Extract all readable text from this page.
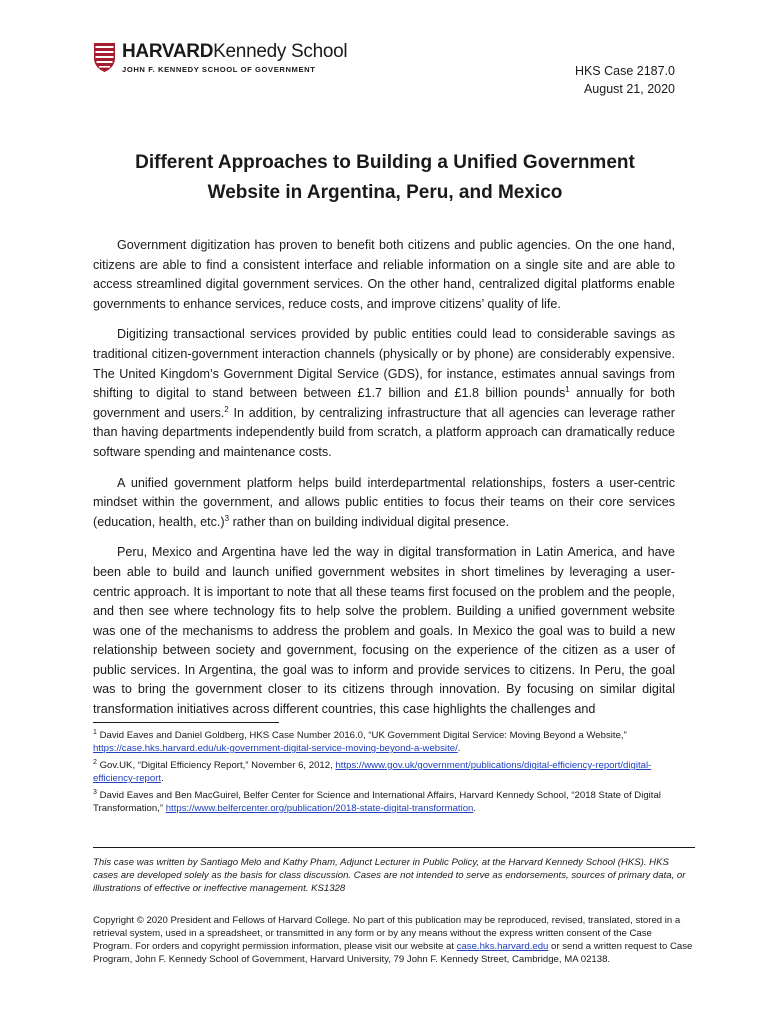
HARVARDKennedy School
JOHN F. KENNEDY SCHOOL OF GOVERNMENT	HKS Case 2187.0
August 21, 2020
Different Approaches to Building a Unified Government
Website in Argentina, Peru, and Mexico

Government digitization has proven to benefit both citizens and public agencies. On the one hand, citizens are able to find a consistent interface and reliable information on a single site and are able to access streamlined digital government services. On the other hand, centralized digital platforms enable governments to enhance services, reduce costs, and improve citizens’ quality of life.

Digitizing transactional services provided by public entities could lead to considerable savings as traditional citizen-government interaction channels (physically or by phone) are considerably expensive. The United Kingdom’s Government Digital Service (GDS), for instance, estimates annual savings from shifting to digital to stand between between £1.7 billion and £1.8 billion pounds$^1$ annually for both government and users.$^2$ In addition, by centralizing infrastructure that all agencies can leverage rather than having departments independently build from scratch, a platform approach can dramatically reduce software spending and maintenance costs.

A unified government platform helps build interdepartmental relationships, fosters a user-centric mindset within the government, and allows public entities to focus their teams on their core services (education, health, etc.)$^3$ rather than on building individual digital presence.

Peru, Mexico and Argentina have led the way in digital transformation in Latin America, and have been able to build and launch unified government websites in short timelines by leveraging a user-centric approach. It is important to note that all these teams first focused on the problem and the people, and then see where technology fits to help solve the problem. Building a unified government website was one of the mechanisms to address the problem and goals. In Mexico the goal was to build a new relationship between society and government, focusing on the experience of the citizen as a user of public services. In Argentina, the goal was to inform and provide services to citizens. In Peru, the goal was to bring the government closer to its citizens through innovation. By focusing on similar digital transformation initiatives across different countries, this case highlights the challenges and

$^1$ David Eaves and Daniel Goldberg, HKS Case Number 2016.0, “UK Government Digital Service: Moving Beyond a Website,” https://case.hks.harvard.edu/uk-government-digital-service-moving-beyond-a-website/.

$^2$ Gov.UK, “Digital Efficiency Report,” November 6, 2012, https://www.gov.uk/government/publications/digital-efficiency-report/digital-efficiency-report.

$^3$ David Eaves and Ben MacGuirel, Belfer Center for Science and International Affairs, Harvard Kennedy School, “2018 State of Digital Transformation,” https://www.belfercenter.org/publication/2018-state-digital-transformation.

This case was written by Santiago Melo and Kathy Pham, Adjunct Lecturer in Public Policy, at the Harvard Kennedy School (HKS). HKS cases are developed solely as the basis for class discussion. Cases are not intended to serve as endorsements, sources of primary data, or illustrations of effective or ineffective management. KS1328
Copyright © 2020 President and Fellows of Harvard College. No part of this publication may be reproduced, revised, translated, stored in a retrieval system, used in a spreadsheet, or transmitted in any form or by any means without the express written consent of the Case Program. For orders and copyright permission information, please visit our website at case.hks.harvard.edu or send a written request to Case Program, John F. Kennedy School of Government, Harvard University, 79 John F. Kennedy Street, Cambridge, MA 02138.
